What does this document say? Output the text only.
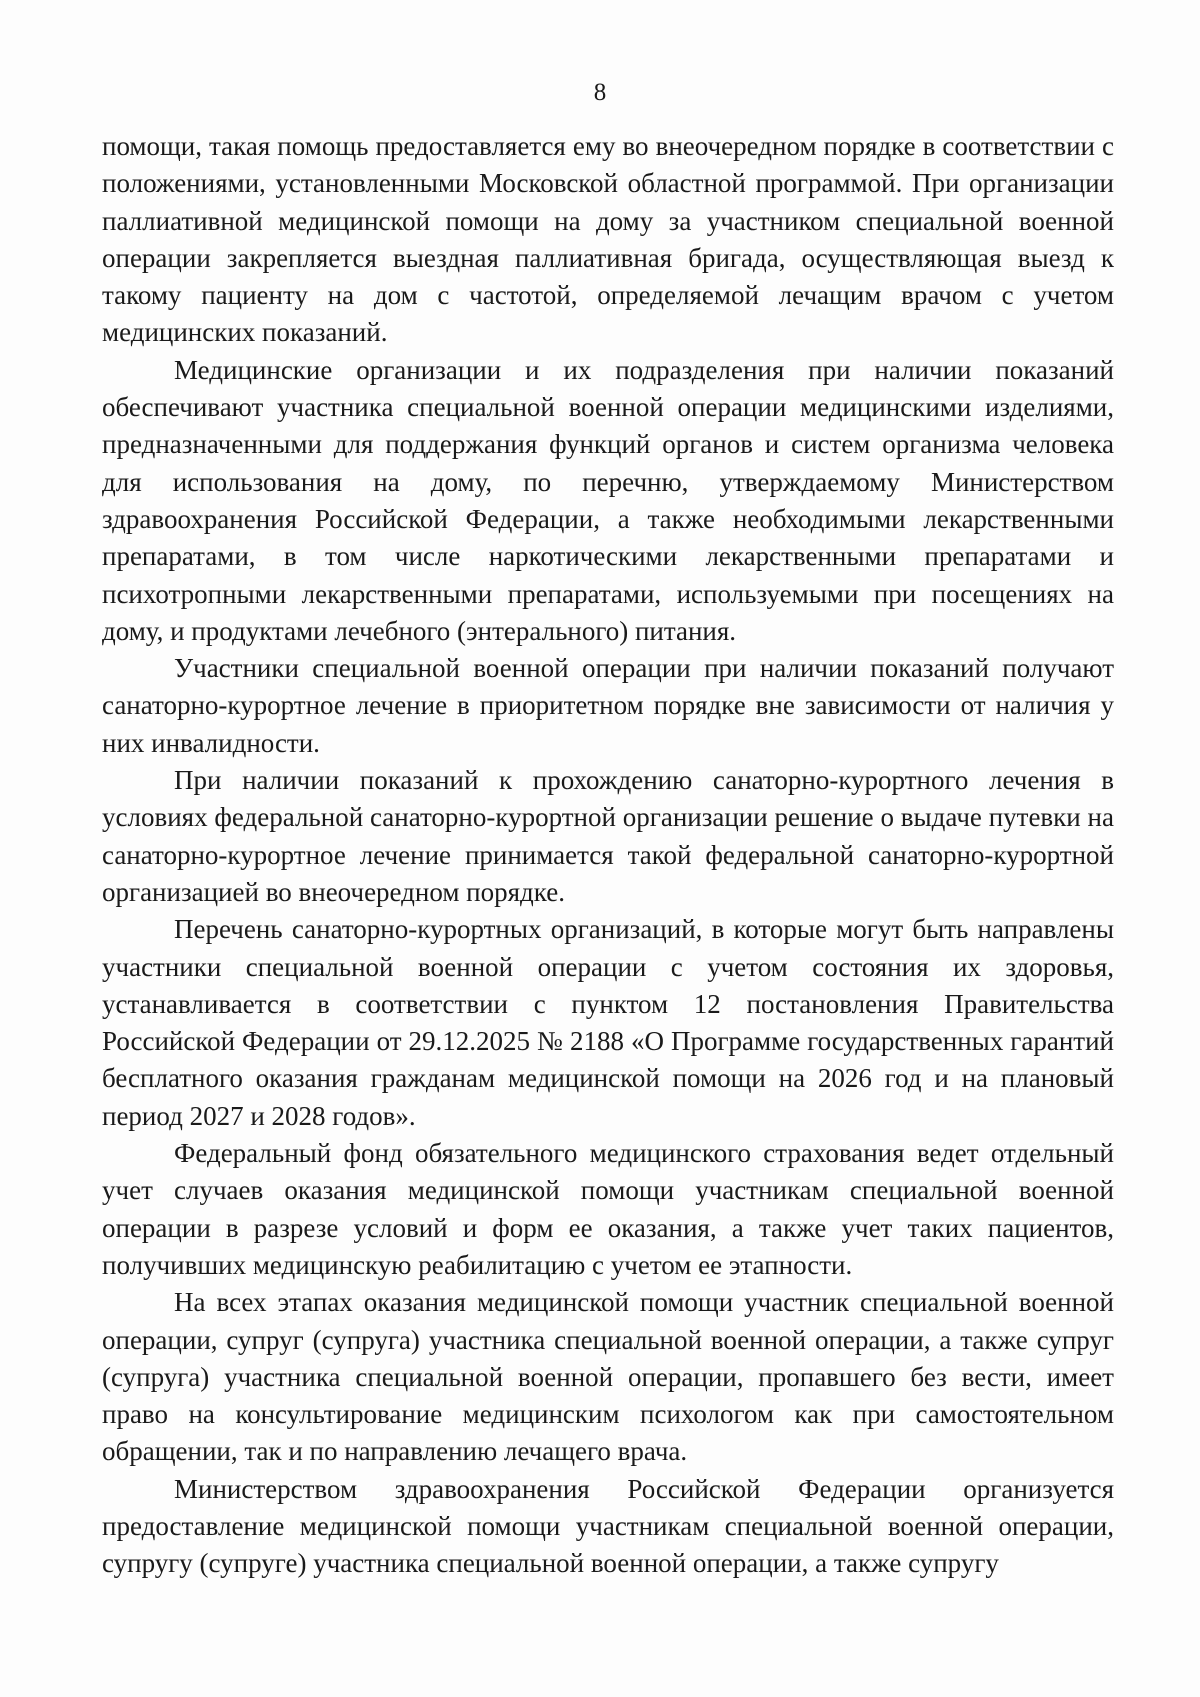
8

помощи, такая помощь предоставляется ему во внеочередном порядке в соответствии с положениями, установленными Московской областной программой. При организации паллиативной медицинской помощи на дому за участником специальной военной операции закрепляется выездная паллиативная бригада, осуществляющая выезд к такому пациенту на дом с частотой, определяемой лечащим врачом с учетом медицинских показаний.

Медицинские организации и их подразделения при наличии показаний обеспечивают участника специальной военной операции медицинскими изделиями, предназначенными для поддержания функций органов и систем организма человека для использования на дому, по перечню, утверждаемому Министерством здравоохранения Российской Федерации, а также необходимыми лекарственными препаратами, в том числе наркотическими лекарственными препаратами и психотропными лекарственными препаратами, используемыми при посещениях на дому, и продуктами лечебного (энтерального) питания.

Участники специальной военной операции при наличии показаний получают санаторно-курортное лечение в приоритетном порядке вне зависимости от наличия у них инвалидности.

При наличии показаний к прохождению санаторно-курортного лечения в условиях федеральной санаторно-курортной организации решение о выдаче путевки на санаторно-курортное лечение принимается такой федеральной санаторно-курортной организацией во внеочередном порядке.

Перечень санаторно-курортных организаций, в которые могут быть направлены участники специальной военной операции с учетом состояния их здоровья, устанавливается в соответствии с пунктом 12 постановления Правительства Российской Федерации от 29.12.2025 № 2188 «О Программе государственных гарантий бесплатного оказания гражданам медицинской помощи на 2026 год и на плановый период 2027 и 2028 годов».

Федеральный фонд обязательного медицинского страхования ведет отдельный учет случаев оказания медицинской помощи участникам специальной военной операции в разрезе условий и форм ее оказания, а также учет таких пациентов, получивших медицинскую реабилитацию с учетом ее этапности.

На всех этапах оказания медицинской помощи участник специальной военной операции, супруг (супруга) участника специальной военной операции, а также супруг (супруга) участника специальной военной операции, пропавшего без вести, имеет право на консультирование медицинским психологом как при самостоятельном обращении, так и по направлению лечащего врача.

Министерством здравоохранения Российской Федерации организуется предоставление медицинской помощи участникам специальной военной операции, супругу (супруге) участника специальной военной операции, а также супругу
